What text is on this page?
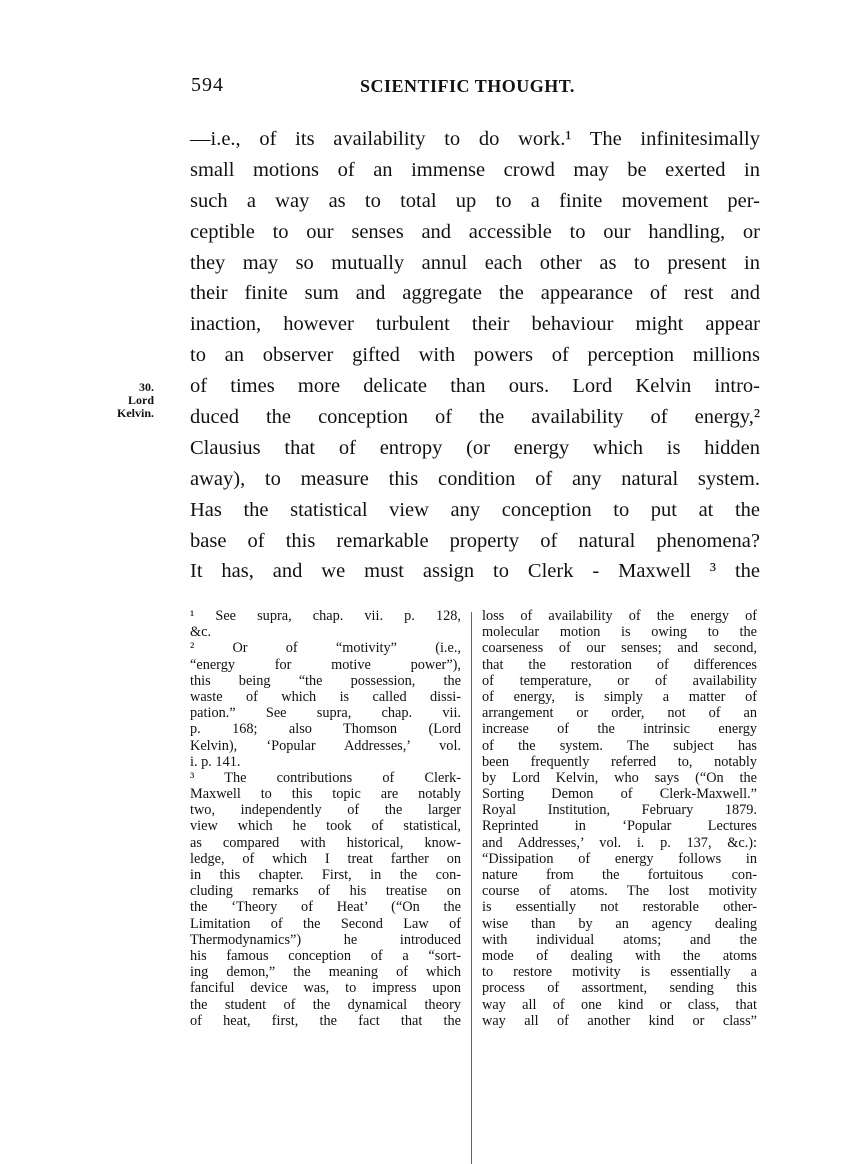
594	SCIENTIFIC THOUGHT.
30.
Lord
Kelvin.
—i.e., of its availability to do work.¹ The infinitesimally
small motions of an immense crowd may be exerted in
such a way as to total up to a finite movement per-
ceptible to our senses and accessible to our handling, or
they may so mutually annul each other as to present in
their finite sum and aggregate the appearance of rest and
inaction, however turbulent their behaviour might appear
to an observer gifted with powers of perception millions
of times more delicate than ours. Lord Kelvin intro-
duced the conception of the availability of energy,²
Clausius that of entropy (or energy which is hidden
away), to measure this condition of any natural system.
Has the statistical view any conception to put at the
base of this remarkable property of natural phenomena?
It has, and we must assign to Clerk - Maxwell ³ the
¹ See supra, chap. vii. p. 128,
&c.
² Or of “motivity” (i.e.,
“energy for motive power”),
this being “the possession, the
waste of which is called dissi-
pation.” See supra, chap. vii.
p. 168; also Thomson (Lord
Kelvin), ‘Popular Addresses,’ vol.
i. p. 141.
³ The contributions of Clerk-
Maxwell to this topic are notably
two, independently of the larger
view which he took of statistical,
as compared with historical, know-
ledge, of which I treat farther on
in this chapter. First, in the con-
cluding remarks of his treatise on
the ‘Theory of Heat’ (“On the
Limitation of the Second Law of
Thermodynamics”) he introduced
his famous conception of a “sort-
ing demon,” the meaning of which
fanciful device was, to impress upon
the student of the dynamical theory
of heat, first, the fact that the
loss of availability of the energy of
molecular motion is owing to the
coarseness of our senses; and second,
that the restoration of differences
of temperature, or of availability
of energy, is simply a matter of
arrangement or order, not of an
increase of the intrinsic energy
of the system. The subject has
been frequently referred to, notably
by Lord Kelvin, who says (“On the
Sorting Demon of Clerk-Maxwell.”
Royal Institution, February 1879.
Reprinted in ‘Popular Lectures
and Addresses,’ vol. i. p. 137, &c.):
“Dissipation of energy follows in
nature from the fortuitous con-
course of atoms. The lost motivity
is essentially not restorable other-
wise than by an agency dealing
with individual atoms; and the
mode of dealing with the atoms
to restore motivity is essentially a
process of assortment, sending this
way all of one kind or class, that
way all of another kind or class”
